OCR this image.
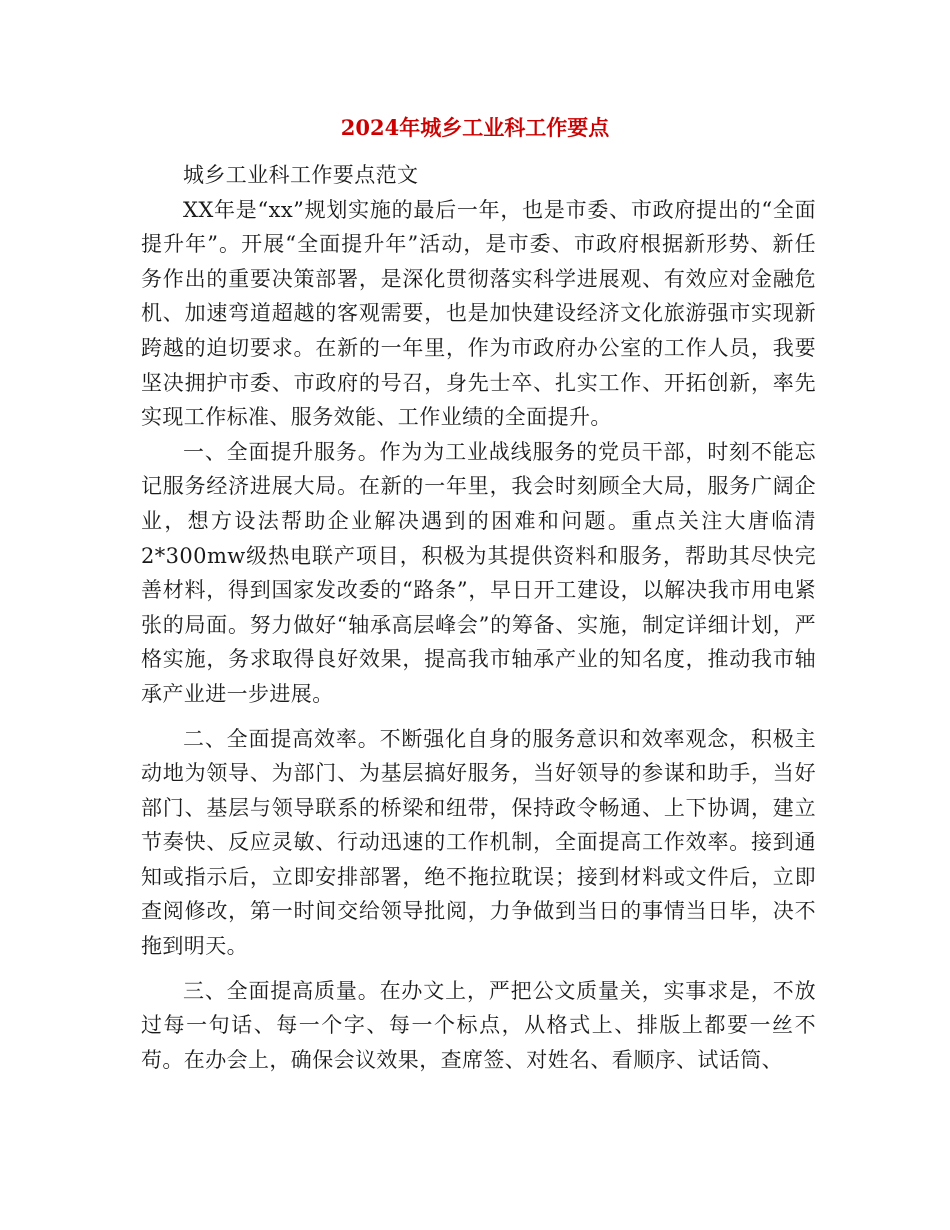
2024年城乡工业科工作要点

城乡工业科工作要点范文

XX年是“xx”规划实施的最后一年，也是市委、市政府提出的“全面提升年”。开展“全面提升年”活动，是市委、市政府根据新形势、新任务作出的重要决策部署，是深化贯彻落实科学进展观、有效应对金融危机、加速弯道超越的客观需要，也是加快建设经济文化旅游强市实现新跨越的迫切要求。在新的一年里，作为市政府办公室的工作人员，我要坚决拥护市委、市政府的号召，身先士卒、扎实工作、开拓创新，率先实现工作标准、服务效能、工作业绩的全面提升。

一、全面提升服务。作为为工业战线服务的党员干部，时刻不能忘记服务经济进展大局。在新的一年里，我会时刻顾全大局，服务广阔企业，想方设法帮助企业解决遇到的困难和问题。重点关注大唐临清2*300mw级热电联产项目，积极为其提供资料和服务，帮助其尽快完善材料，得到国家发改委的“路条”，早日开工建设，以解决我市用电紧张的局面。努力做好“轴承高层峰会”的筹备、实施，制定详细计划，严格实施，务求取得良好效果，提高我市轴承产业的知名度，推动我市轴承产业进一步进展。

二、全面提高效率。不断强化自身的服务意识和效率观念，积极主动地为领导、为部门、为基层搞好服务，当好领导的参谋和助手，当好部门、基层与领导联系的桥梁和纽带，保持政令畅通、上下协调，建立节奏快、反应灵敏、行动迅速的工作机制，全面提高工作效率。接到通知或指示后，立即安排部署，绝不拖拉耽误；接到材料或文件后，立即查阅修改，第一时间交给领导批阅，力争做到当日的事情当日毕，决不拖到明天。

三、全面提高质量。在办文上，严把公文质量关，实事求是，不放过每一句话、每一个字、每一个标点，从格式上、排版上都要一丝不苟。在办会上，确保会议效果，查席签、对姓名、看顺序、试话筒、
